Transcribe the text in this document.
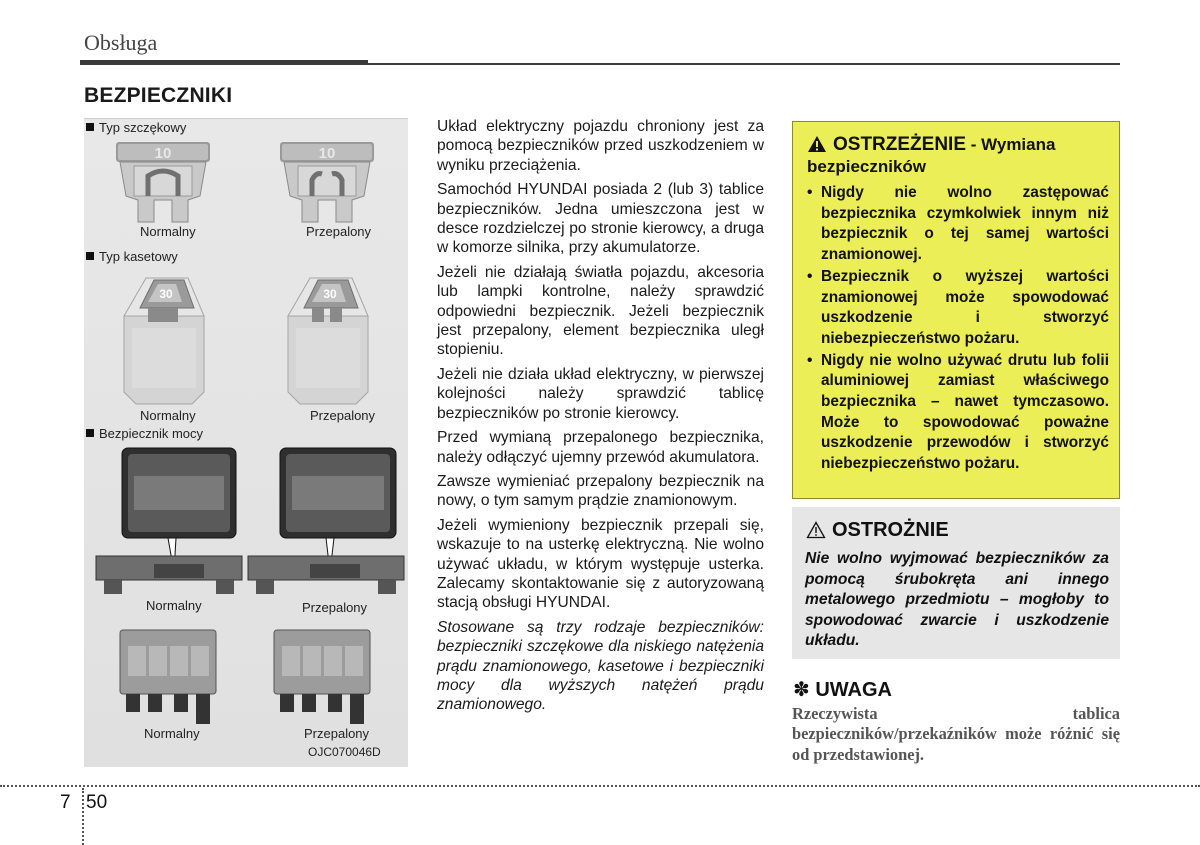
Obsługa
BEZPIECZNIKI
Typ szczękowy
10	10
Normalny	Przepalony
Typ kasetowy
30	30
Normalny	Przepalony
Bezpiecznik mocy
Normalny	Przepalony
Normalny	Przepalony
OJC070046D

Układ elektryczny pojazdu chroniony jest za pomocą bezpieczników przed uszkodzeniem w wyniku przeciążenia.

Samochód HYUNDAI posiada 2 (lub 3) tablice bezpieczników. Jedna umieszczona jest w desce rozdzielczej po stronie kierowcy, a druga w komorze silnika, przy akumulatorze.

Jeżeli nie działają światła pojazdu, akcesoria lub lampki kontrolne, należy sprawdzić odpowiedni bezpiecznik. Jeżeli bezpiecznik jest przepalony, element bezpiecznika uległ stopieniu.

Jeżeli nie działa układ elektryczny, w pierwszej kolejności należy sprawdzić tablicę bezpieczników po stronie kierowcy.

Przed wymianą przepalonego bezpiecznika, należy odłączyć ujemny przewód akumulatora.

Zawsze wymieniać przepalony bezpiecznik na nowy, o tym samym prądzie znamionowym.

Jeżeli wymieniony bezpiecznik przepali się, wskazuje to na usterkę elektryczną. Nie wolno używać układu, w którym występuje usterka. Zalecamy skontaktowanie się z autoryzowaną stacją obsługi HYUNDAI.

Stosowane są trzy rodzaje bezpieczników: bezpieczniki szczękowe dla niskiego natężenia prądu znamionowego, kasetowe i bezpieczniki mocy dla wyższych natężeń prądu znamionowego.

OSTRZEŻENIE - Wymiana bezpieczników
• Nigdy nie wolno zastępować bezpiecznika czymkolwiek innym niż bezpiecznik o tej samej wartości znamionowej.
• Bezpiecznik o wyższej wartości znamionowej może spowodować uszkodzenie i stworzyć niebezpieczeństwo pożaru.
• Nigdy nie wolno używać drutu lub folii aluminiowej zamiast właściwego bezpiecznika – nawet tymczasowo. Może to spowodować poważne uszkodzenie przewodów i stworzyć niebezpieczeństwo pożaru.
OSTROŻNIE
Nie wolno wyjmować bezpieczników za pomocą śrubokręta ani innego metalowego przedmiotu – mogłoby to spowodować zwarcie i uszkodzenie układu.
✽ UWAGA
Rzeczywista tablica bezpieczników/przekaźników może różnić się od przedstawionej.
7 50
